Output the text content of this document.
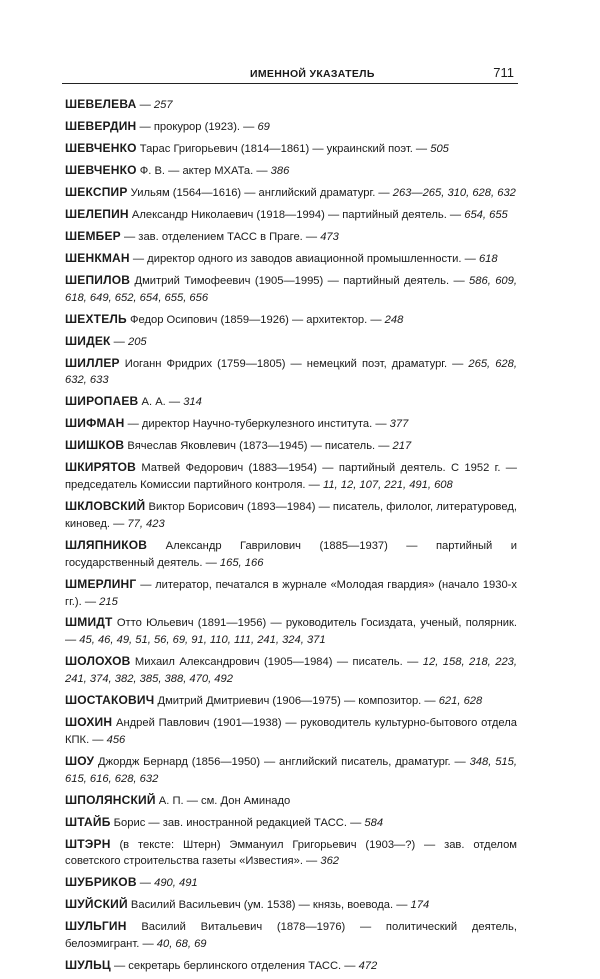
ИМЕННОЙ УКАЗАТЕЛЬ	711

ШЕВЕЛЕВА — 257

ШЕВЕРДИН — прокурор (1923). — 69

ШЕВЧЕНКО Тарас Григорьевич (1814—1861) — украинский поэт. — 505

ШЕВЧЕНКО Ф. В. — актер МХАТа. — 386

ШЕКСПИР Уильям (1564—1616) — английский драматург. — 263—265, 310, 628, 632

ШЕЛЕПИН Александр Николаевич (1918—1994) — партийный деятель. — 654, 655

ШЕМБЕР — зав. отделением ТАСС в Праге. — 473

ШЕНКМАН — директор одного из заводов авиационной промышленности. — 618

ШЕПИЛОВ Дмитрий Тимофеевич (1905—1995) — партийный деятель. — 586, 609, 618, 649, 652, 654, 655, 656

ШЕХТЕЛЬ Федор Осипович (1859—1926) — архитектор. — 248

ШИДЕК — 205

ШИЛЛЕР Иоганн Фридрих (1759—1805) — немецкий поэт, драматург. — 265, 628, 632, 633

ШИРОПАЕВ А. А. — 314

ШИФМАН — директор Научно-туберкулезного института. — 377

ШИШКОВ Вячеслав Яковлевич (1873—1945) — писатель. — 217

ШКИРЯТОВ Матвей Федорович (1883—1954) — партийный деятель. С 1952 г. — председатель Комиссии партийного контроля. — 11, 12, 107, 221, 491, 608

ШКЛОВСКИЙ Виктор Борисович (1893—1984) — писатель, филолог, литературовед, киновед. — 77, 423

ШЛЯПНИКОВ Александр Гаврилович (1885—1937) — партийный и государственный деятель. — 165, 166

ШМЕРЛИНГ — литератор, печатался в журнале «Молодая гвардия» (начало 1930-х гг.). — 215

ШМИДТ Отто Юльевич (1891—1956) — руководитель Госиздата, ученый, полярник. — 45, 46, 49, 51, 56, 69, 91, 110, 111, 241, 324, 371

ШОЛОХОВ Михаил Александрович (1905—1984) — писатель. — 12, 158, 218, 223, 241, 374, 382, 385, 388, 470, 492

ШОСТАКОВИЧ Дмитрий Дмитриевич (1906—1975) — композитор. — 621, 628

ШОХИН Андрей Павлович (1901—1938) — руководитель культурно-бытового отдела КПК. — 456

ШОУ Джордж Бернард (1856—1950) — английский писатель, драматург. — 348, 515, 615, 616, 628, 632

ШПОЛЯНСКИЙ А. П. — см. Дон Аминадо

ШТАЙБ Борис — зав. иностранной редакцией ТАСС. — 584

ШТЭРН (в тексте: Штерн) Эммануил Григорьевич (1903—?) — зав. отделом советского строительства газеты «Известия». — 362

ШУБРИКОВ — 490, 491

ШУЙСКИЙ Василий Васильевич (ум. 1538) — князь, воевода. — 174

ШУЛЬГИН Василий Витальевич (1878—1976) — политический деятель, белоэмигрант. — 40, 68, 69

ШУЛЬЦ — секретарь берлинского отделения ТАСС. — 472
